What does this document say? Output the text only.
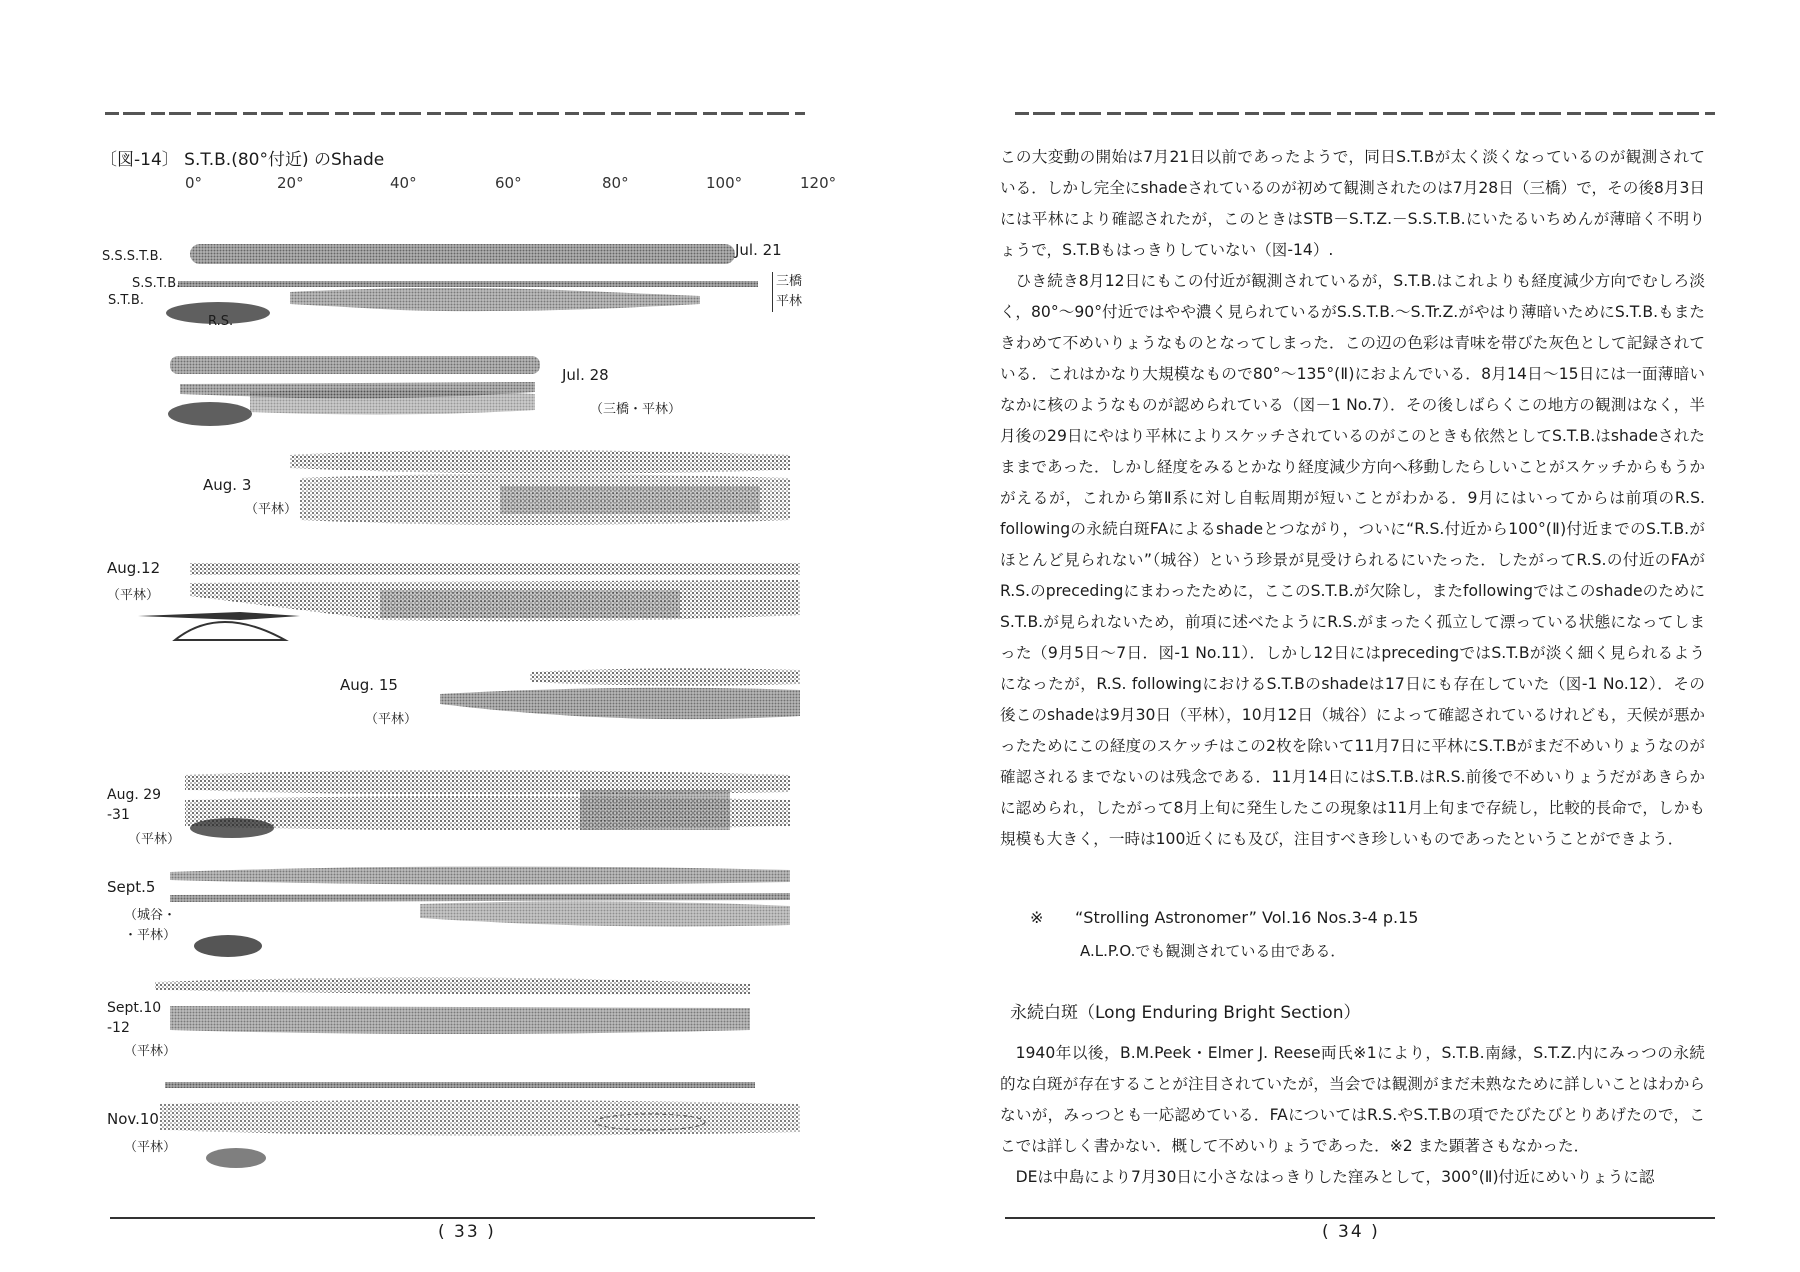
〔図-14〕 S.T.B.(80°付近) のShade
0°	20°	40°	60°	80°	100°	120°
S.S.S.T.B.
S.S.T.B.
S.T.B.
R.S.
Jul. 21
三橋
平林
Jul. 28
（三橋・平林）
Aug. 3
（平林）
Aug.12
（平林）
Aug. 15
（平林）
Aug. 29
-31
（平林）
Sept.5
（城谷・
・平林）
Sept.10
-12
（平林）
Nov.10
（平林）
( 33 )

この大変動の開始は7月21日以前であったようで，同日S.T.Bが太く淡くなっているのが観測されている．しかし完全にshadeされているのが初めて観測されたのは7月28日（三橋）で，その後8月3日には平林により確認されたが，このときはSTB－S.T.Z.－S.S.T.B.にいたるいちめんが薄暗く不明りょうで，S.T.Bもはっきりしていない（図-14）.

ひき続き8月12日にもこの付近が観測されているが，S.T.B.はこれよりも経度減少方向でむしろ淡く，80°～90°付近ではやや濃く見られているがS.S.T.B.～S.Tr.Z.がやはり薄暗いためにS.T.B.もまたきわめて不めいりょうなものとなってしまった．この辺の色彩は青味を帯びた灰色として記録されている．これはかなり大規模なもので80°～135°(Ⅱ)におよんでいる．8月14日～15日には一面薄暗いなかに核のようなものが認められている（図－1 No.7）．その後しばらくこの地方の観測はなく，半月後の29日にやはり平林によりスケッチされているのがこのときも依然としてS.T.B.はshadeされたままであった．しかし経度をみるとかなり経度減少方向へ移動したらしいことがスケッチからもうかがえるが，これから第Ⅱ系に対し自転周期が短いことがわかる．9月にはいってからは前項のR.S. followingの永続白斑FAによるshadeとつながり，ついに“R.S.付近から100°(Ⅱ)付近までのS.T.B.がほとんど見られない”（城谷）という珍景が見受けられるにいたった．したがってR.S.の付近のFAがR.S.のprecedingにまわったために，ここのS.T.B.が欠除し，またfollowingではこのshadeのためにS.T.B.が見られないため，前項に述べたようにR.S.がまったく孤立して漂っている状態になってしまった（9月5日～7日．図-1 No.11）．しかし12日にはprecedingではS.T.Bが淡く細く見られるようになったが，R.S. followingにおけるS.T.Bのshadeは17日にも存在していた（図-1 No.12）．その後このshadeは9月30日（平林），10月12日（城谷）によって確認されているけれども，天候が悪かったためにこの経度のスケッチはこの2枚を除いて11月7日に平林にS.T.Bがまだ不めいりょうなのが確認されるまでないのは残念である．11月14日にはS.T.B.はR.S.前後で不めいりょうだがあきらかに認められ，したがって8月上旬に発生したこの現象は11月上旬まで存続し，比較的長命で，しかも規模も大きく，一時は100近くにも及び，注目すべき珍しいものであったということができよう．

※ “Strolling Astronomer” Vol.16 Nos.3-4 p.15
A.L.P.O.でも観測されている由である．
永続白斑（Long Enduring Bright Section）

1940年以後，B.M.Peek・Elmer J. Reese両氏※1により，S.T.B.南縁，S.T.Z.内にみっつの永続的な白斑が存在することが注目されていたが，当会では観測がまだ未熟なために詳しいことはわからないが，みっつとも一応認めている．FAについてはR.S.やS.T.Bの項でたびたびとりあげたので，ここでは詳しく書かない．概して不めいりょうであった．※2 また顕著さもなかった．

DEは中島により7月30日に小さなはっきりした窪みとして，300°(Ⅱ)付近にめいりょうに認

( 34 )
